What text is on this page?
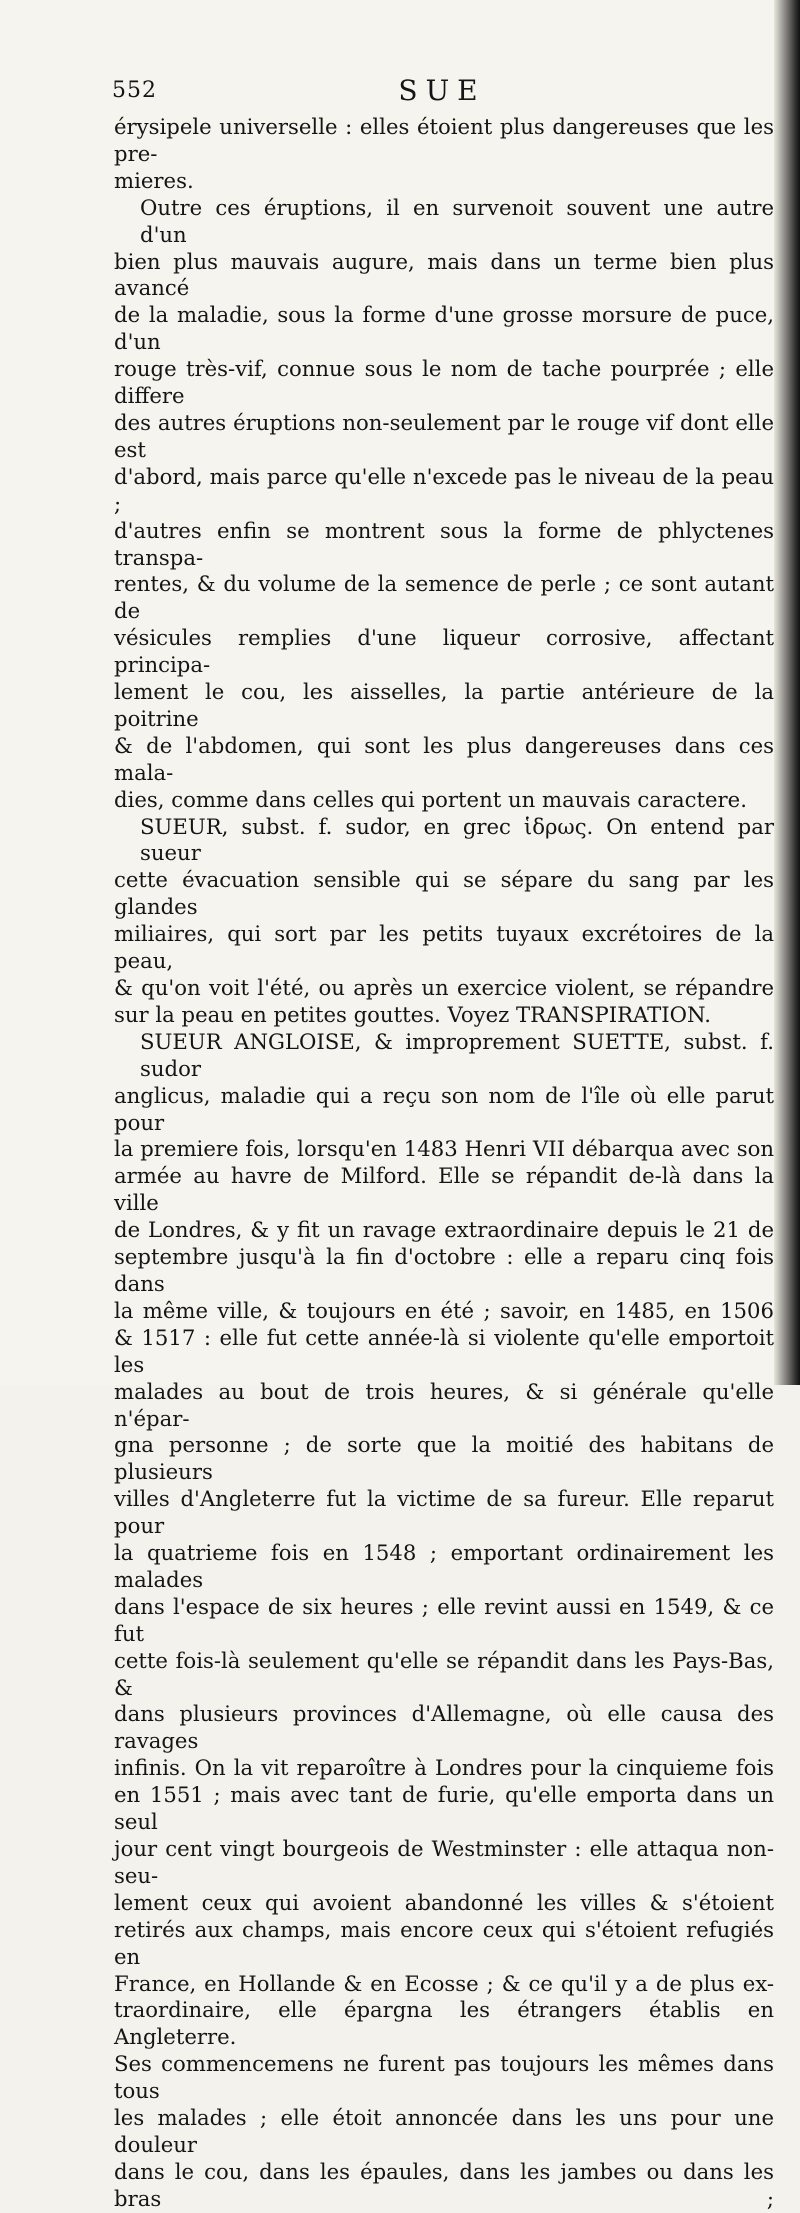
552	SUE

érysipele universelle : elles étoient plus dangereuses que les pre-

mieres.

Outre ces éruptions, il en survenoit souvent une autre d'un

bien plus mauvais augure, mais dans un terme bien plus avancé

de la maladie, sous la forme d'une grosse morsure de puce, d'un

rouge très-vif, connue sous le nom de tache pourprée ; elle differe

des autres éruptions non-seulement par le rouge vif dont elle est

d'abord, mais parce qu'elle n'excede pas le niveau de la peau ;

d'autres enfin se montrent sous la forme de phlyctenes transpa-

rentes, & du volume de la semence de perle ; ce sont autant de

vésicules remplies d'une liqueur corrosive, affectant principa-

lement le cou, les aisselles, la partie antérieure de la poitrine

& de l'abdomen, qui sont les plus dangereuses dans ces mala-

dies, comme dans celles qui portent un mauvais caractere.

SUEUR, subst. f. sudor, en grec ἱδρως. On entend par sueur

cette évacuation sensible qui se sépare du sang par les glandes

miliaires, qui sort par les petits tuyaux excrétoires de la peau,

& qu'on voit l'été, ou après un exercice violent, se répandre

sur la peau en petites gouttes. Voyez TRANSPIRATION.

SUEUR ANGLOISE, & improprement SUETTE, subst. f. sudor

anglicus, maladie qui a reçu son nom de l'île où elle parut pour

la premiere fois, lorsqu'en 1483 Henri VII débarqua avec son

armée au havre de Milford. Elle se répandit de-là dans la ville

de Londres, & y fit un ravage extraordinaire depuis le 21 de

septembre jusqu'à la fin d'octobre : elle a reparu cinq fois dans

la même ville, & toujours en été ; savoir, en 1485, en 1506

& 1517 : elle fut cette année-là si violente qu'elle emportoit les

malades au bout de trois heures, & si générale qu'elle n'épar-

gna personne ; de sorte que la moitié des habitans de plusieurs

villes d'Angleterre fut la victime de sa fureur. Elle reparut pour

la quatrieme fois en 1548 ; emportant ordinairement les malades

dans l'espace de six heures ; elle revint aussi en 1549, & ce fut

cette fois-là seulement qu'elle se répandit dans les Pays-Bas, &

dans plusieurs provinces d'Allemagne, où elle causa des ravages

infinis. On la vit reparoître à Londres pour la cinquieme fois

en 1551 ; mais avec tant de furie, qu'elle emporta dans un seul

jour cent vingt bourgeois de Westminster : elle attaqua non-seu-

lement ceux qui avoient abandonné les villes & s'étoient

retirés aux champs, mais encore ceux qui s'étoient refugiés en

France, en Hollande & en Ecosse ; & ce qu'il y a de plus ex-

traordinaire, elle épargna les étrangers établis en Angleterre.

Ses commencemens ne furent pas toujours les mêmes dans tous

les malades ; elle étoit annoncée dans les uns pour une douleur

dans le cou, dans les épaules, dans les jambes ou dans les bras ;
